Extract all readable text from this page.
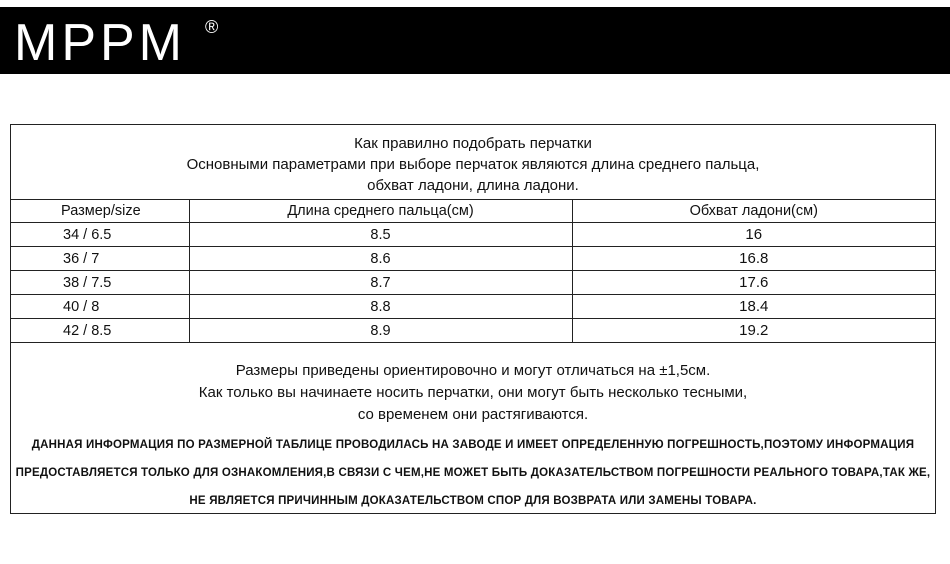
MPPM ®
Как правилно подобрать перчатки
Основными параметрами при выборе перчаток являются длина среднего пальца,
обхват ладони, длина ладони.
Размер/size	Длина среднего пальца(см)	Обхват ладони(см)
34 / 6.5	8.5	16
36 / 7	8.6	16.8
38 / 7.5	8.7	17.6
40 / 8	8.8	18.4
42 / 8.5	8.9	19.2
Размеры приведены ориентировочно и могут отличаться на ±1,5см.
Как только вы начинаете носить перчатки, они могут быть несколько тесными,
со временем они растягиваются.
ДАННАЯ ИНФОРМАЦИЯ ПО РАЗМЕРНОЙ ТАБЛИЦЕ ПРОВОДИЛАСЬ НА ЗАВОДЕ И ИМЕЕТ ОПРЕДЕЛЕННУЮ ПОГРЕШНОСТЬ,ПОЭТОМУ ИНФОРМАЦИЯ
ПРЕДОСТАВЛЯЕТСЯ ТОЛЬКО ДЛЯ ОЗНАКОМЛЕНИЯ,В СВЯЗИ С ЧЕМ,НЕ МОЖЕТ БЫТЬ ДОКАЗАТЕЛЬСТВОМ ПОГРЕШНОСТИ РЕАЛЬНОГО ТОВАРА,ТАК ЖЕ,
НЕ ЯВЛЯЕТСЯ ПРИЧИННЫМ ДОКАЗАТЕЛЬСТВОМ СПОР ДЛЯ ВОЗВРАТА ИЛИ ЗАМЕНЫ ТОВАРА.
